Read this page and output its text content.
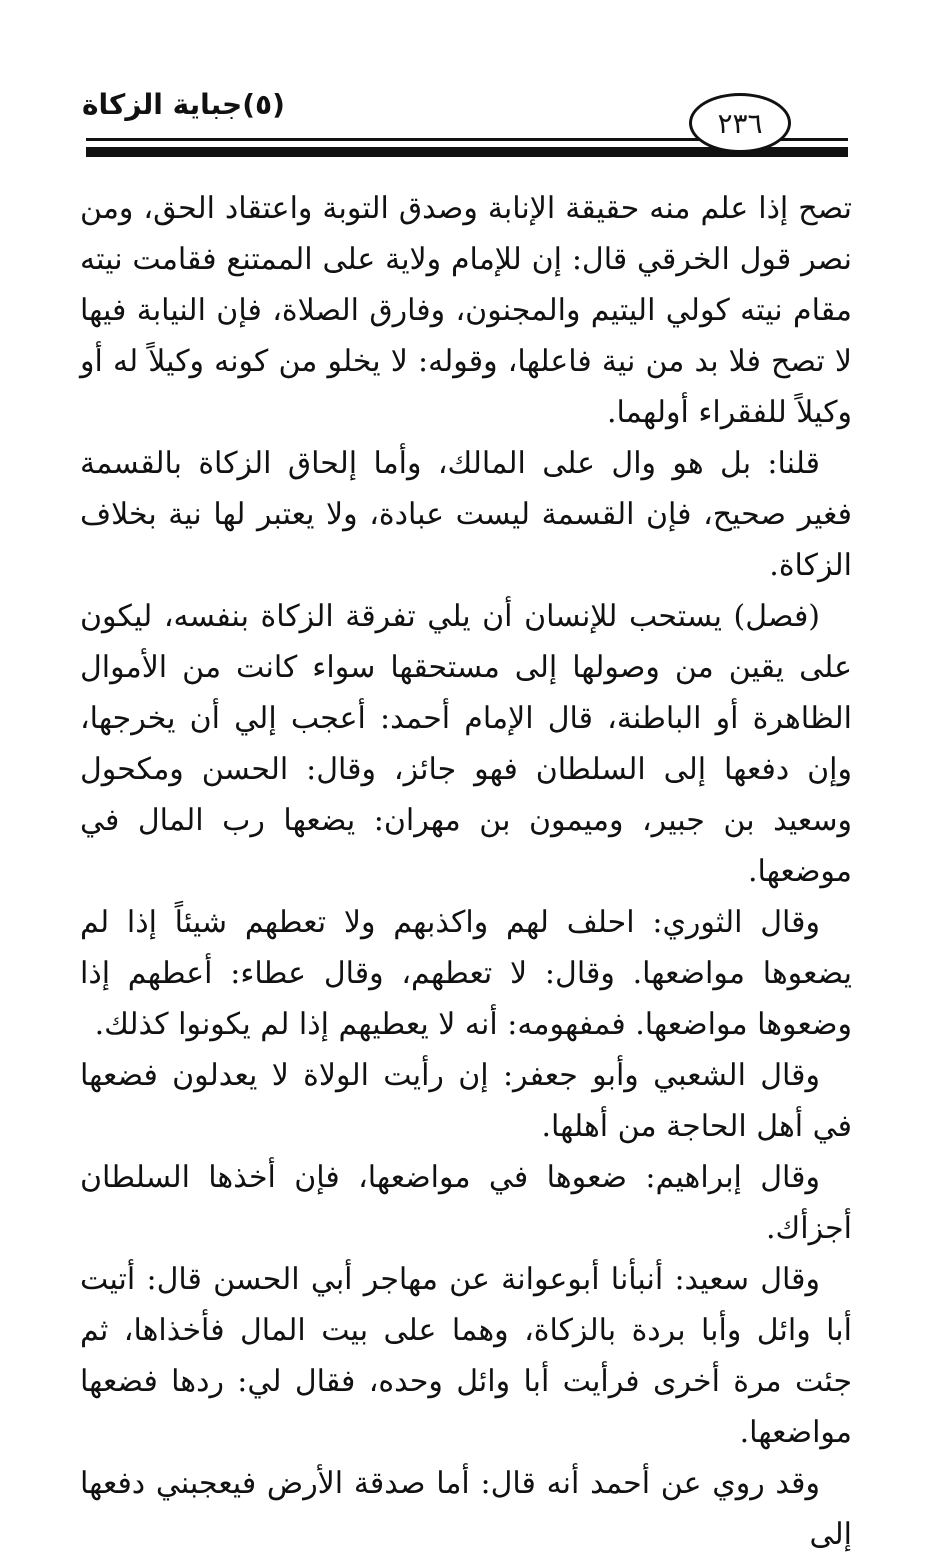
(٥)جباية الزكاة
٢٣٦

تصح إذا علم منه حقيقة الإنابة وصدق التوبة واعتقاد الحق، ومن نصر قول الخرقي قال: إن للإمام ولاية على الممتنع فقامت نيته مقام نيته كولي اليتيم والمجنون، وفارق الصلاة، فإن النيابة فيها لا تصح فلا بد من نية فاعلها، وقوله: لا يخلو من كونه وكيلاً له أو وكيلاً للفقراء أولهما.

قلنا: بل هو وال على المالك، وأما إلحاق الزكاة بالقسمة فغير صحيح، فإن القسمة ليست عبادة، ولا يعتبر لها نية بخلاف الزكاة.

(فصل) يستحب للإنسان أن يلي تفرقة الزكاة بنفسه، ليكون على يقين من وصولها إلى مستحقها سواء كانت من الأموال الظاهرة أو الباطنة، قال الإمام أحمد: أعجب إلي أن يخرجها، وإن دفعها إلى السلطان فهو جائز، وقال: الحسن ومكحول وسعيد بن جبير، وميمون بن مهران: يضعها رب المال في موضعها.

وقال الثوري: احلف لهم واكذبهم ولا تعطهم شيئاً إذا لم يضعوها مواضعها. وقال: لا تعطهم، وقال عطاء: أعطهم إذا وضعوها مواضعها. فمفهومه: أنه لا يعطيهم إذا لم يكونوا كذلك.

وقال الشعبي وأبو جعفر: إن رأيت الولاة لا يعدلون فضعها في أهل الحاجة من أهلها.

وقال إبراهيم: ضعوها في مواضعها، فإن أخذها السلطان أجزأك.

وقال سعيد: أنبأنا أبوعوانة عن مهاجر أبي الحسن قال: أتيت أبا وائل وأبا بردة بالزكاة، وهما على بيت المال فأخذاها، ثم جئت مرة أخرى فرأيت أبا وائل وحده، فقال لي: ردها فضعها مواضعها.

وقد روي عن أحمد أنه قال: أما صدقة الأرض فيعجبني دفعها إلى
